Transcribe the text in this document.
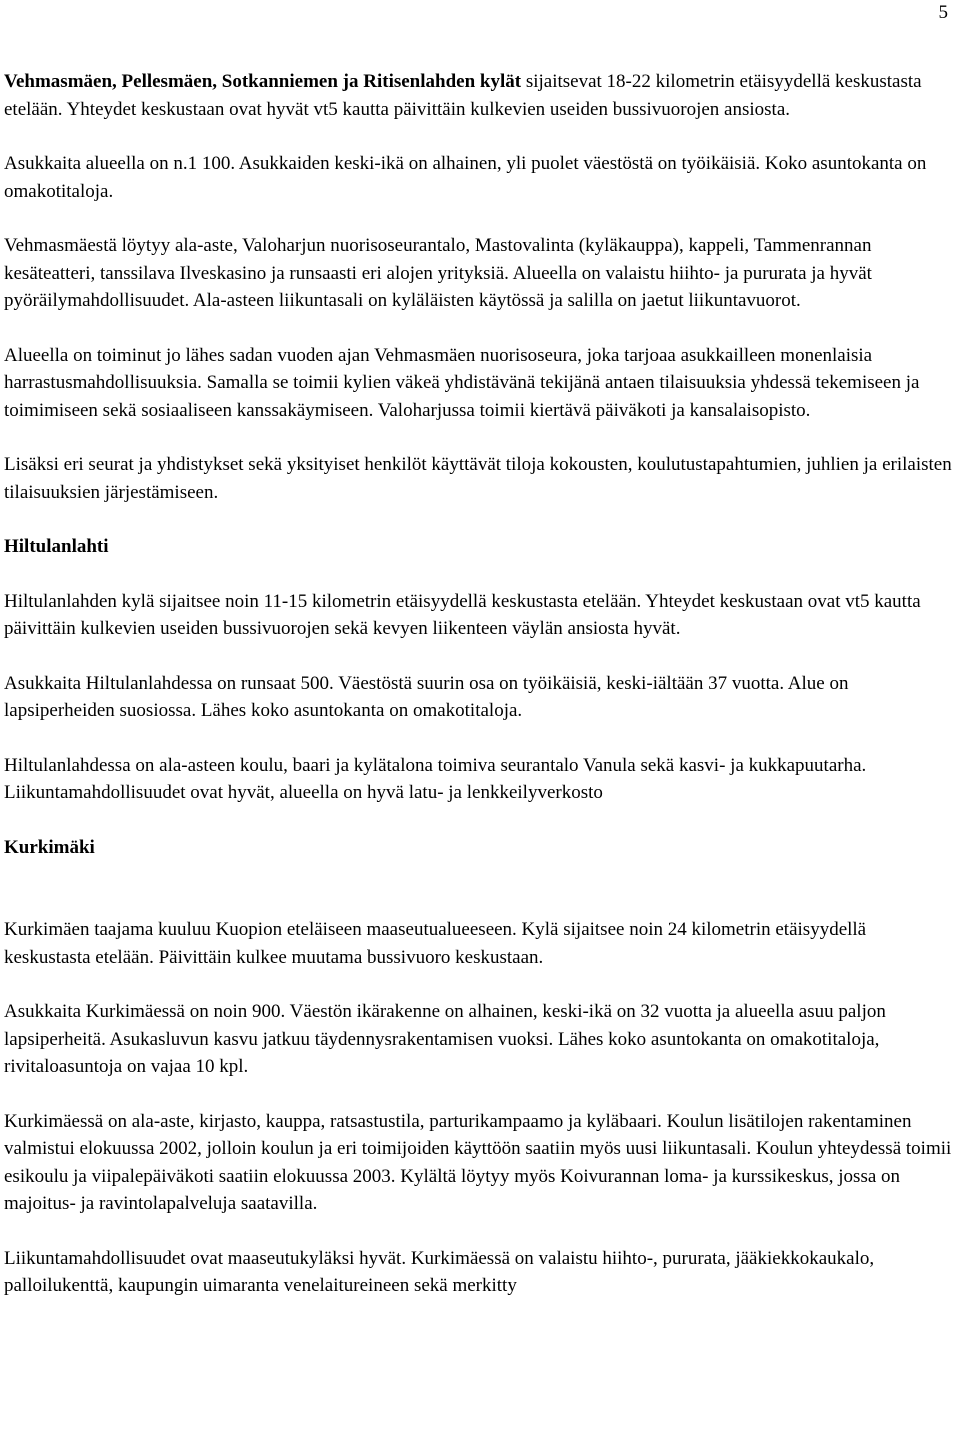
5

Vehmasmäen, Pellesmäen, Sotkanniemen ja Ritisenlahden kylät sijaitsevat 18-22 kilometrin etäisyydellä keskustasta etelään. Yhteydet keskustaan ovat hyvät vt5 kautta päivittäin kulkevien useiden bussivuorojen ansiosta.

Asukkaita alueella on n.1 100. Asukkaiden keski-ikä on alhainen, yli puolet väestöstä on työikäisiä. Koko asuntokanta on omakotitaloja.

Vehmasmäestä löytyy ala-aste, Valoharjun nuorisoseurantalo, Mastovalinta (kyläkauppa), kappeli, Tammenrannan kesäteatteri, tanssilava Ilveskasino ja runsaasti eri alojen yrityksiä. Alueella on valaistu hiihto- ja pururata ja hyvät pyöräilymahdollisuudet. Ala-asteen liikuntasali on kyläläisten käytössä ja salilla on jaetut liikuntavuorot.

Alueella on toiminut jo lähes sadan vuoden ajan Vehmasmäen nuorisoseura, joka tarjoaa asukkailleen monenlaisia harrastusmahdollisuuksia. Samalla se toimii kylien väkeä yhdistävänä tekijänä antaen tilaisuuksia yhdessä tekemiseen ja toimimiseen sekä sosiaaliseen kanssakäymiseen. Valoharjussa toimii kiertävä päiväkoti ja kansalaisopisto.

Lisäksi eri seurat ja yhdistykset sekä yksityiset henkilöt käyttävät tiloja kokousten, koulutustapahtumien, juhlien ja erilaisten tilaisuuksien järjestämiseen.

Hiltulanlahti

Hiltulanlahden kylä sijaitsee noin 11-15 kilometrin etäisyydellä keskustasta etelään. Yhteydet keskustaan ovat vt5 kautta päivittäin kulkevien useiden bussivuorojen sekä kevyen liikenteen väylän ansiosta hyvät.

Asukkaita Hiltulanlahdessa on runsaat 500. Väestöstä suurin osa on työikäisiä, keski-iältään 37 vuotta. Alue on lapsiperheiden suosiossa. Lähes koko asuntokanta on omakotitaloja.

Hiltulanlahdessa on ala-asteen koulu, baari ja kylätalona toimiva seurantalo Vanula sekä kasvi- ja kukkapuutarha. Liikuntamahdollisuudet ovat hyvät, alueella on hyvä latu- ja lenkkeilyverkosto

Kurkimäki

Kurkimäen taajama kuuluu Kuopion eteläiseen maaseutualueeseen. Kylä sijaitsee noin 24 kilometrin etäisyydellä keskustasta etelään. Päivittäin kulkee muutama bussivuoro keskustaan.

Asukkaita Kurkimäessä on noin 900. Väestön ikärakenne on alhainen, keski-ikä on 32 vuotta ja alueella asuu paljon lapsiperheitä. Asukasluvun kasvu jatkuu täydennysrakentamisen vuoksi. Lähes koko asuntokanta on omakotitaloja, rivitaloasuntoja on vajaa 10 kpl.

Kurkimäessä on ala-aste, kirjasto, kauppa, ratsastustila, parturikampaamo ja kyläbaari. Koulun lisätilojen rakentaminen valmistui elokuussa 2002, jolloin koulun ja eri toimijoiden käyttöön saatiin myös uusi liikuntasali. Koulun yhteydessä toimii esikoulu ja viipalepäiväkoti saatiin elokuussa 2003. Kylältä löytyy myös Koivurannan loma- ja kurssikeskus, jossa on majoitus- ja ravintolapalveluja saatavilla.

Liikuntamahdollisuudet ovat maaseutukyläksi hyvät. Kurkimäessä on valaistu hiihto-, pururata, jääkiekkokaukalo, palloilukenttä, kaupungin uimaranta venelaitureineen sekä merkitty
